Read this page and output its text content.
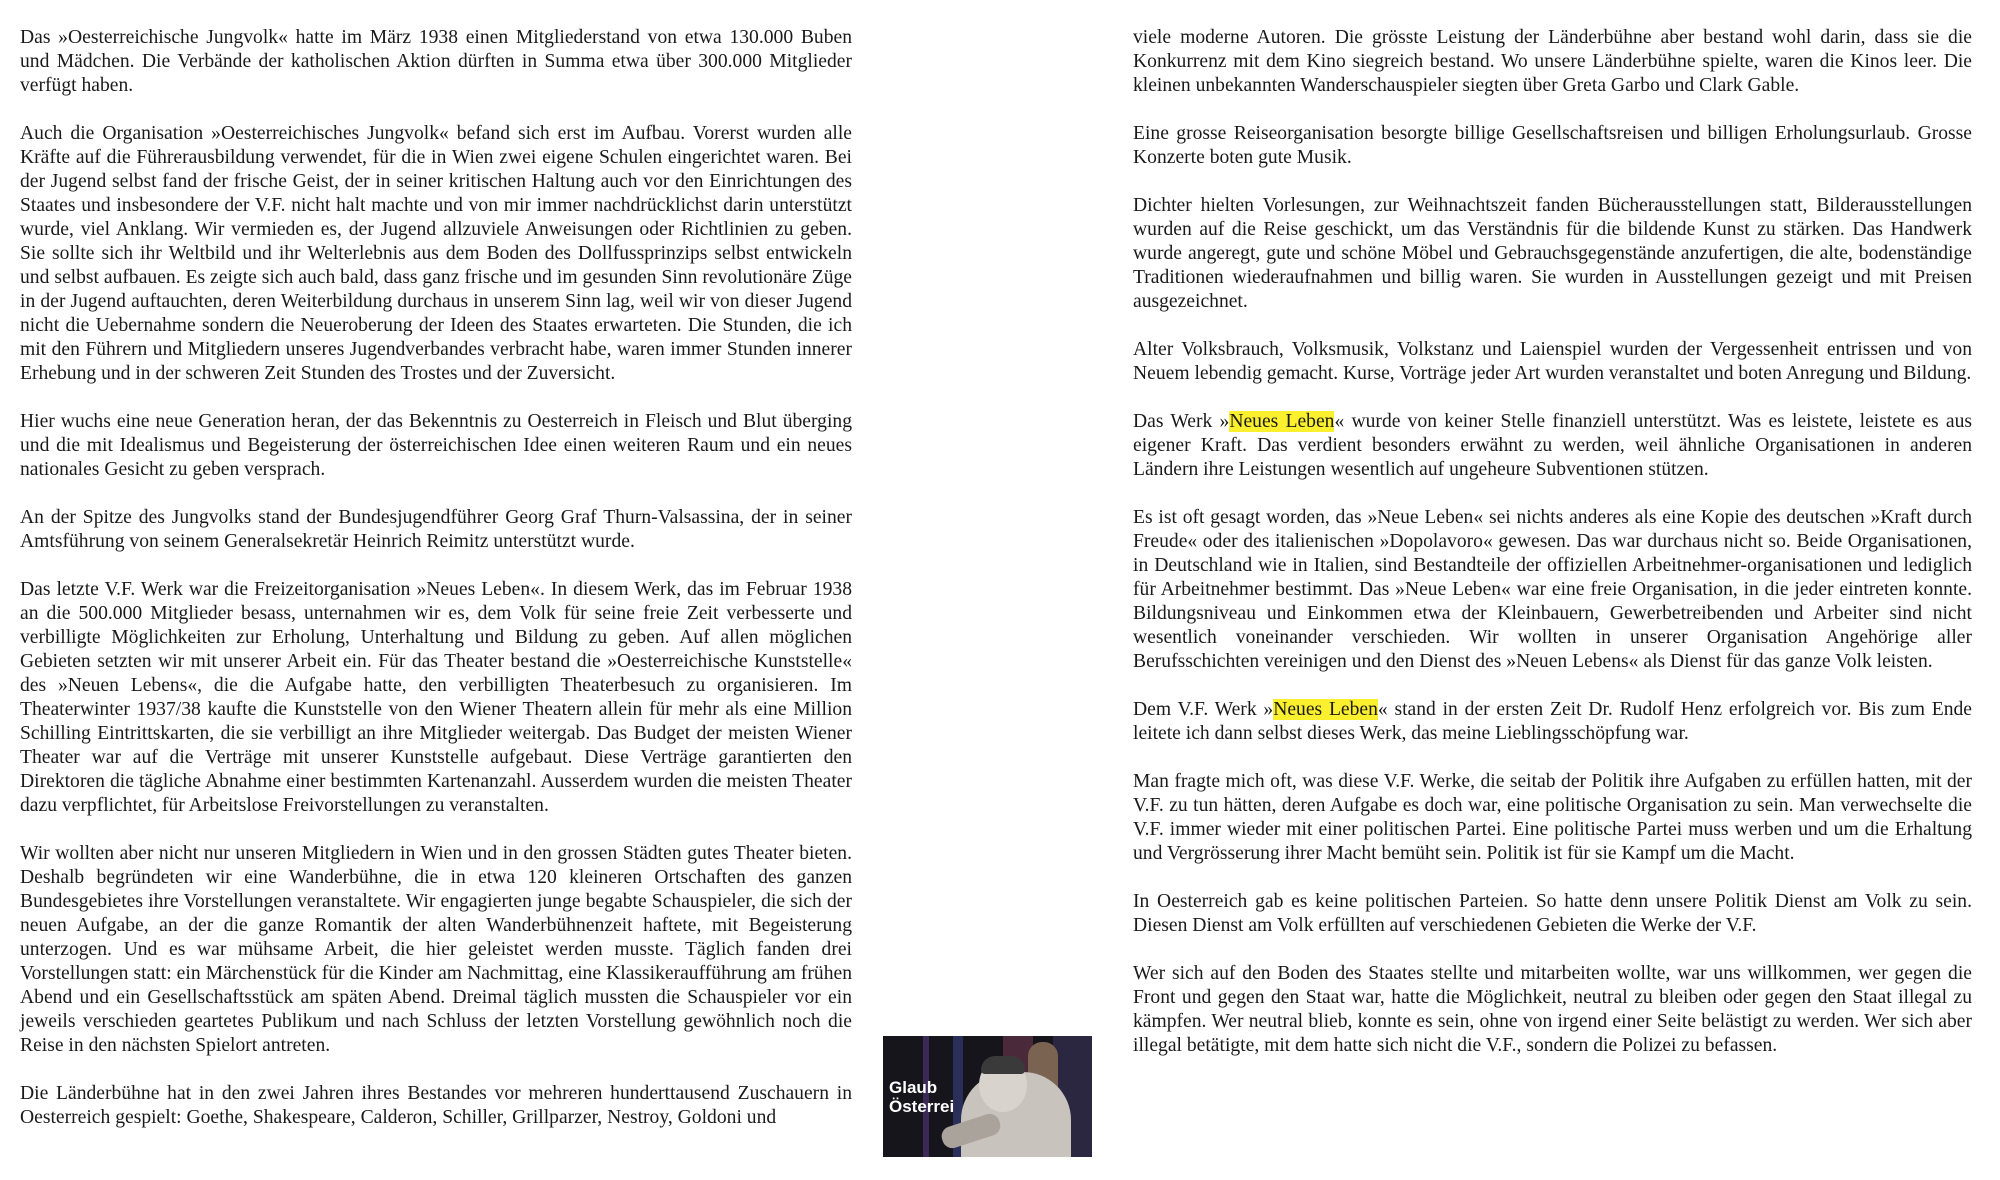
Das »Oesterreichische Jungvolk« hatte im März 1938 einen Mitgliederstand von etwa 130.000 Buben und Mädchen. Die Verbände der katholischen Aktion dürften in Summa etwa über 300.000 Mitglieder verfügt haben.

Auch die Organisation »Oesterreichisches Jungvolk« befand sich erst im Aufbau. Vorerst wurden alle Kräfte auf die Führerausbildung verwendet, für die in Wien zwei eigene Schulen eingerichtet waren. Bei der Jugend selbst fand der frische Geist, der in seiner kritischen Haltung auch vor den Einrichtungen des Staates und insbesondere der V.F. nicht halt machte und von mir immer nachdrücklichst darin unterstützt wurde, viel Anklang. Wir vermieden es, der Jugend allzuviele Anweisungen oder Richtlinien zu geben. Sie sollte sich ihr Weltbild und ihr Welterlebnis aus dem Boden des Dollfussprinzips selbst entwickeln und selbst aufbauen. Es zeigte sich auch bald, dass ganz frische und im gesunden Sinn revolutionäre Züge in der Jugend auftauchten, deren Weiterbildung durchaus in unserem Sinn lag, weil wir von dieser Jugend nicht die Uebernahme sondern die Neueroberung der Ideen des Staates erwarteten. Die Stunden, die ich mit den Führern und Mitgliedern unseres Jugendverbandes verbracht habe, waren immer Stunden innerer Erhebung und in der schweren Zeit Stunden des Trostes und der Zuversicht.

Hier wuchs eine neue Generation heran, der das Bekenntnis zu Oesterreich in Fleisch und Blut überging und die mit Idealismus und Begeisterung der österreichischen Idee einen weiteren Raum und ein neues nationales Gesicht zu geben versprach.

An der Spitze des Jungvolks stand der Bundesjugendführer Georg Graf Thurn-Valsassina, der in seiner Amtsführung von seinem Generalsekretär Heinrich Reimitz unterstützt wurde.

Das letzte V.F. Werk war die Freizeitorganisation »Neues Leben«. In diesem Werk, das im Februar 1938 an die 500.000 Mitglieder besass, unternahmen wir es, dem Volk für seine freie Zeit verbesserte und verbilligte Möglichkeiten zur Erholung, Unterhaltung und Bildung zu geben. Auf allen möglichen Gebieten setzten wir mit unserer Arbeit ein. Für das Theater bestand die »Oesterreichische Kunststelle« des »Neuen Lebens«, die die Aufgabe hatte, den verbilligten Theaterbesuch zu organisieren. Im Theaterwinter 1937/38 kaufte die Kunststelle von den Wiener Theatern allein für mehr als eine Million Schilling Eintrittskarten, die sie verbilligt an ihre Mitglieder weitergab. Das Budget der meisten Wiener Theater war auf die Verträge mit unserer Kunststelle aufgebaut. Diese Verträge garantierten den Direktoren die tägliche Abnahme einer bestimmten Kartenanzahl. Ausserdem wurden die meisten Theater dazu verpflichtet, für Arbeitslose Freivorstellungen zu veranstalten.

Wir wollten aber nicht nur unseren Mitgliedern in Wien und in den grossen Städten gutes Theater bieten. Deshalb begründeten wir eine Wanderbühne, die in etwa 120 kleineren Ortschaften des ganzen Bundesgebietes ihre Vorstellungen veranstaltete. Wir engagierten junge begabte Schauspieler, die sich der neuen Aufgabe, an der die ganze Romantik der alten Wanderbühnenzeit haftete, mit Begeisterung unterzogen. Und es war mühsame Arbeit, die hier geleistet werden musste. Täglich fanden drei Vorstellungen statt: ein Märchenstück für die Kinder am Nachmittag, eine Klassikeraufführung am frühen Abend und ein Gesellschaftsstück am späten Abend. Dreimal täglich mussten die Schauspieler vor ein jeweils verschieden geartetes Publikum und nach Schluss der letzten Vorstellung gewöhnlich noch die Reise in den nächsten Spielort antreten.

Die Länderbühne hat in den zwei Jahren ihres Bestandes vor mehreren hunderttausend Zuschauern in Oesterreich gespielt: Goethe, Shakespeare, Calderon, Schiller, Grillparzer, Nestroy, Goldoni und

viele moderne Autoren. Die grösste Leistung der Länderbühne aber bestand wohl darin, dass sie die Konkurrenz mit dem Kino siegreich bestand. Wo unsere Länderbühne spielte, waren die Kinos leer. Die kleinen unbekannten Wanderschauspieler siegten über Greta Garbo und Clark Gable.

Eine grosse Reiseorganisation besorgte billige Gesellschaftsreisen und billigen Erholungsurlaub. Grosse Konzerte boten gute Musik.

Dichter hielten Vorlesungen, zur Weihnachtszeit fanden Bücherausstellungen statt, Bilderausstellungen wurden auf die Reise geschickt, um das Verständnis für die bildende Kunst zu stärken. Das Handwerk wurde angeregt, gute und schöne Möbel und Gebrauchsgegenstände anzufertigen, die alte, bodenständige Traditionen wiederaufnahmen und billig waren. Sie wurden in Ausstellungen gezeigt und mit Preisen ausgezeichnet.

Alter Volksbrauch, Volksmusik, Volkstanz und Laienspiel wurden der Vergessenheit entrissen und von Neuem lebendig gemacht. Kurse, Vorträge jeder Art wurden veranstaltet und boten Anregung und Bildung.

Das Werk »Neues Leben« wurde von keiner Stelle finanziell unterstützt. Was es leistete, leistete es aus eigener Kraft. Das verdient besonders erwähnt zu werden, weil ähnliche Organisationen in anderen Ländern ihre Leistungen wesentlich auf ungeheure Subventionen stützen.

Es ist oft gesagt worden, das »Neue Leben« sei nichts anderes als eine Kopie des deutschen »Kraft durch Freude« oder des italienischen »Dopolavoro« gewesen. Das war durchaus nicht so. Beide Organisationen, in Deutschland wie in Italien, sind Bestandteile der offiziellen Arbeitnehmer-organisationen und lediglich für Arbeitnehmer bestimmt. Das »Neue Leben« war eine freie Organisation, in die jeder eintreten konnte. Bildungsniveau und Einkommen etwa der Kleinbauern, Gewerbetreibenden und Arbeiter sind nicht wesentlich voneinander verschieden. Wir wollten in unserer Organisation Angehörige aller Berufsschichten vereinigen und den Dienst des »Neuen Lebens« als Dienst für das ganze Volk leisten.

Dem V.F. Werk »Neues Leben« stand in der ersten Zeit Dr. Rudolf Henz erfolgreich vor. Bis zum Ende leitete ich dann selbst dieses Werk, das meine Lieblingsschöpfung war.

Man fragte mich oft, was diese V.F. Werke, die seitab der Politik ihre Aufgaben zu erfüllen hatten, mit der V.F. zu tun hätten, deren Aufgabe es doch war, eine politische Organisation zu sein. Man verwechselte die V.F. immer wieder mit einer politischen Partei. Eine politische Partei muss werben und um die Erhaltung und Vergrösserung ihrer Macht bemüht sein. Politik ist für sie Kampf um die Macht.

In Oesterreich gab es keine politischen Parteien. So hatte denn unsere Politik Dienst am Volk zu sein. Diesen Dienst am Volk erfüllten auf verschiedenen Gebieten die Werke der V.F.

Wer sich auf den Boden des Staates stellte und mitarbeiten wollte, war uns willkommen, wer gegen die Front und gegen den Staat war, hatte die Möglichkeit, neutral zu bleiben oder gegen den Staat illegal zu kämpfen. Wer neutral blieb, konnte es sein, ohne von irgend einer Seite belästigt zu werden. Wer sich aber illegal betätigte, mit dem hatte sich nicht die V.F., sondern die Polizei zu befassen.

Glaub
Österrei
